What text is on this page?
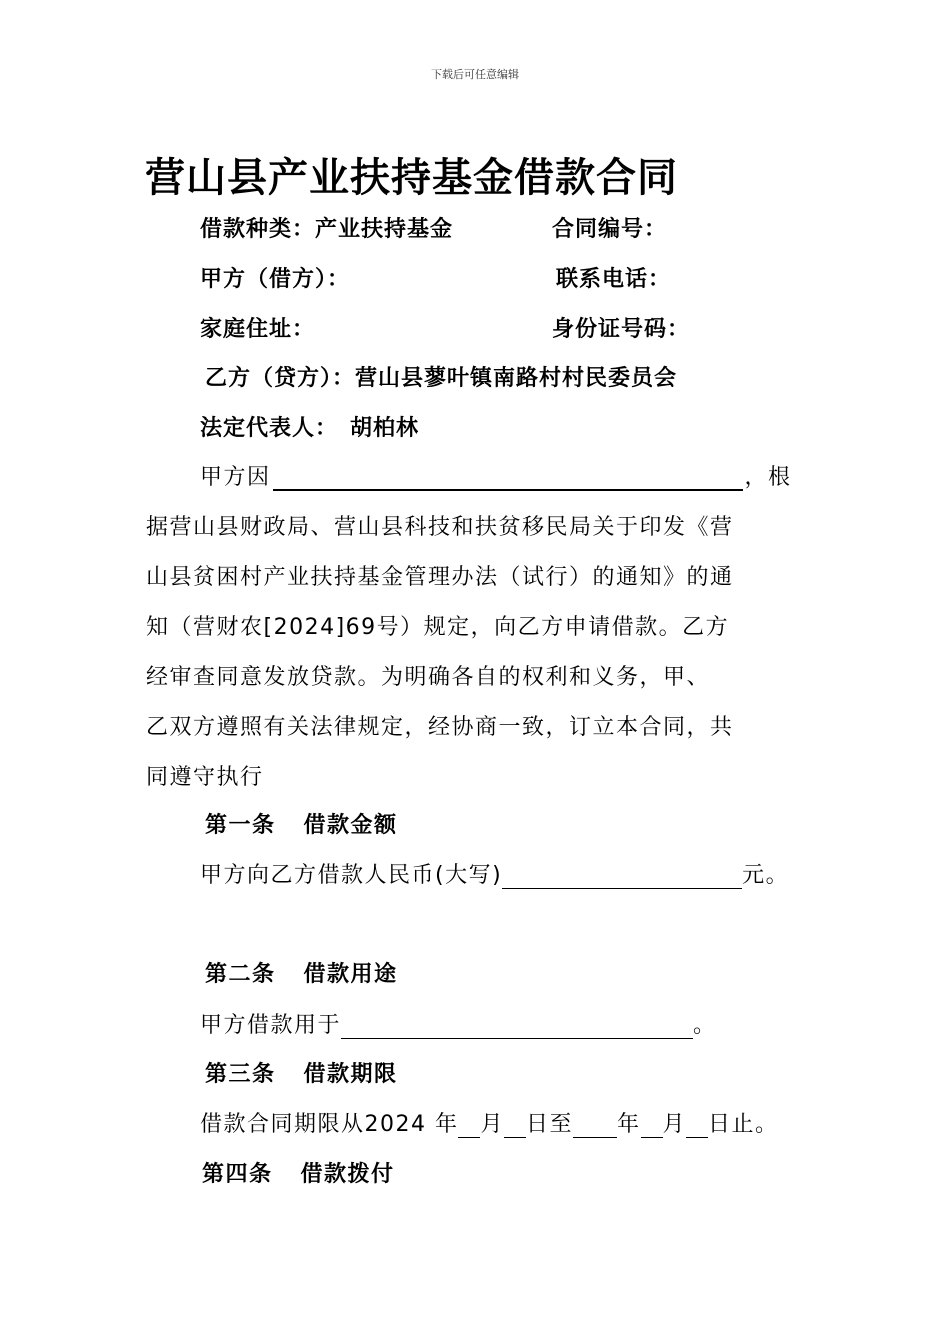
下载后可任意编辑
营山县产业扶持基金借款合同
借款种类：产业扶持基金	合同编号：
甲方（借方）：	联系电话：
家庭住址：	身份证号码：
乙方（贷方）：营山县蓼叶镇南路村村民委员会
法定代表人：　胡柏林
甲方因	，根
据营山县财政局、营山县科技和扶贫移民局关于印发《营
山县贫困村产业扶持基金管理办法（试行）的通知》的通
知（营财农[2024]69号）规定，向乙方申请借款。乙方
经审查同意发放贷款。为明确各自的权利和义务，甲、
乙双方遵照有关法律规定，经协商一致，订立本合同，共
同遵守执行
第一条 借款金额
甲方向乙方借款人民币(大写)	元。
第二条 借款用途
甲方借款用于	。
第三条 借款期限
借款合同期限从2024 年 月 日至 年 月 日止。
第四条 借款拨付
